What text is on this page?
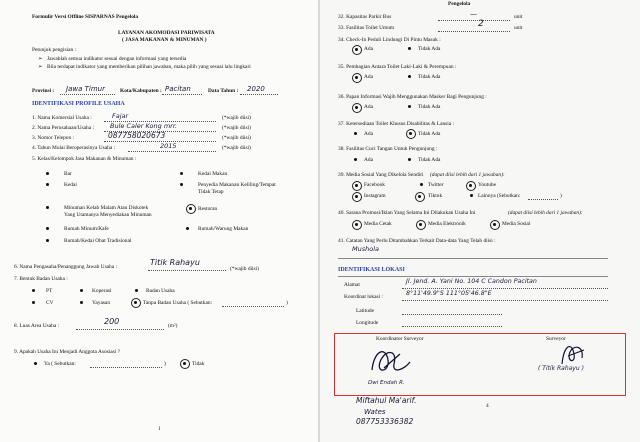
Formulir Versi Offline SISPARNAS Pengelola
LAYANAN AKOMODASI PARIWISATA
( JASA MAKANAN & MINUMAN )
Petunjuk pengisian :
➢ Jawablah semua indikator sesuai dengan informasi yang tersedia
➢ Bila terdapat indikator yang memberikan pilihan jawaban, maka pilih yang sesuai lalu lingkari
Provinsi : Jawa Timur	Kota/Kabupaten : Pacitan	Data Tahun : 2020
IDENTIFIKASI PROFILE USAHA
1. Nama Komersial Usaha :	Fajar	(*wajib diisi)
2. Nama Perusahaan/Usaha : Bule Caler Kong mrr.	(*wajib diisi)
3. Nomor Telepon :	087758020673	(*wajib diisi)
4. Tahun Mulai Beroperasinya Usaha :	2015	(*wajib diisi)
5. Kelas/Kelompok Jasa Makanan & Minuman :
Bar	Kedai Makan
Kedai	Penyedia Makanan Keliling/Tempat
Tidak Tetap
Minuman Kelab Malam Atau Diskotek
Yang Utamanya Menyediakan Minuman
Restoran
Rumah Minum/Kafe	Rumah/Warung Makan
Rumah/Kedai Obat Tradisional
6. Nama Pengasaha/Penanggung Jawab Usaha :	Titik Rahayu
(*wajib diisi)
7. Bentuk Badan Usaha :
PT	Koperasi	Badan Usaha
CV	Yayasan	Tanpa Badan Usaha ( Sebutkan:	)
8. Luas Area Usaha :	200	(m²)
9. Apakah Usaha Ini Menjadi Anggota Asosiasi ?
Ya ( Sebutkan:	)	Tidak
1
Pengelola
32. Kapasitas Parkir Bus	—	unit
33. Fasilitas Toilet Umum	2	unit
34. Check-In Peduli Lindungi Di Pintu Masuk :
Ada	Tidak Ada
35. Pembagian Antara Toilet Laki-Laki & Perempuan :
Ada	Tidak Ada
36. Papan Informasi Wajib Menggunakan Masker Bagi Pengunjung :
Ada	Tidak Ada
37. Ketersediaan Toilet Khusus Disabilitas & Lansia :
Ada	Tidak Ada
38. Fasilitas Cuci Tangan Untuk Pengunjung :
Ada	Tidak Ada
39. Media Sosial Yang Dikelola Sendiri (dapat diisi lebih dari 1 jawaban):
Facebook	Twitter	Youtube
Instagram	Tiktok	Lainnya (Sebutkan:	)
40. Sarana Promosi/Iklan Yang Selama Ini Dilakukan Usaha Ini	(dapat diisi lebih dari 1 jawaban):
Media Cetak	Media Elektronik	Media Sosial
41. Catatan Yang Perlu Ditambahkan Terkait Data-data Yang Telah diisi :
Mushola
IDENTIFIKASI LOKASI
Alamat	Jl. Jend. A. Yani No. 104 C Candon Pacitan
Koordinat lokasi :	8°11'49.9"S 111°05'46.8"E
Latitude
Longitude
Koordinator Surveyor
Dwi Endah R.
Surveyor
( Titik Rahayu )
Miftahul Ma'arif.
Wates
087753336382
4
